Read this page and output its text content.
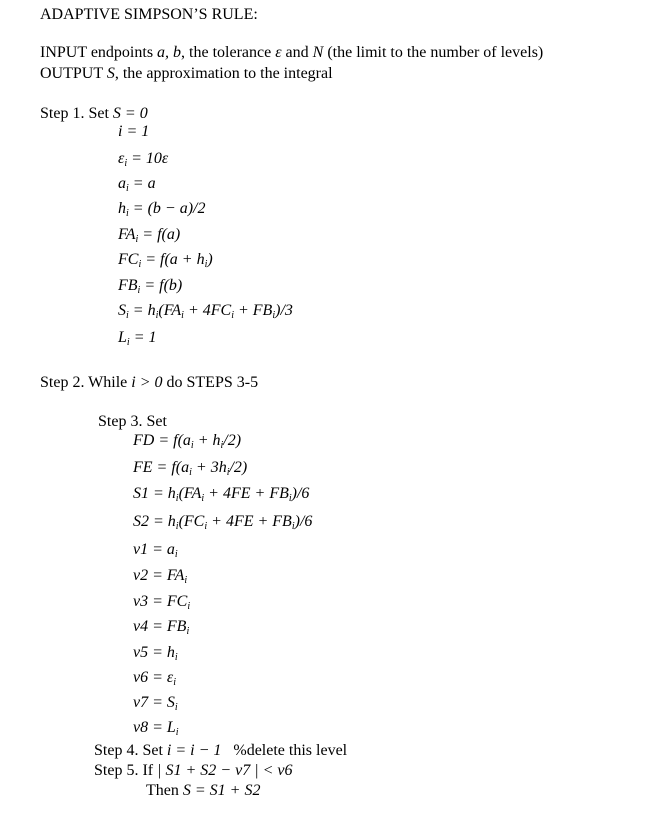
ADAPTIVE SIMPSON’S RULE:
INPUT endpoints a, b, the tolerance ε and N (the limit to the number of levels)
OUTPUT S, the approximation to the integral
Step 1. Set S = 0
i = 1
$\varepsilon_i = 10\varepsilon$
$a_i = a$
$h_i = (b - a)/2$
$FA_i = f(a)$
$FC_i = f(a + h_i)$
$FB_i = f(b)$
$S_i = h_i(FA_i + 4FC_i + FB_i)/3$
$L_i = 1$
Step 2. While i > 0 do STEPS 3-5
Step 3. Set
FD = $f(a_i + h_i/2)$
FE = $f(a_i + 3h_i/2)$
$S1 = h_i(FA_i + 4FE + FB_i)/6$
$S2 = h_i(FC_i + 4FE + FB_i)/6$
$v1 = a_i$
$v2 = FA_i$
$v3 = FC_i$
$v4 = FB_i$
$v5 = h_i$
$v6 = \varepsilon_i$
$v7 = S_i$
$v8 = L_i$
Step 4. Set i = i − 1 %delete this level
Step 5. If | S1 + S2 − v7 | < v6
Then S = S1 + S2
